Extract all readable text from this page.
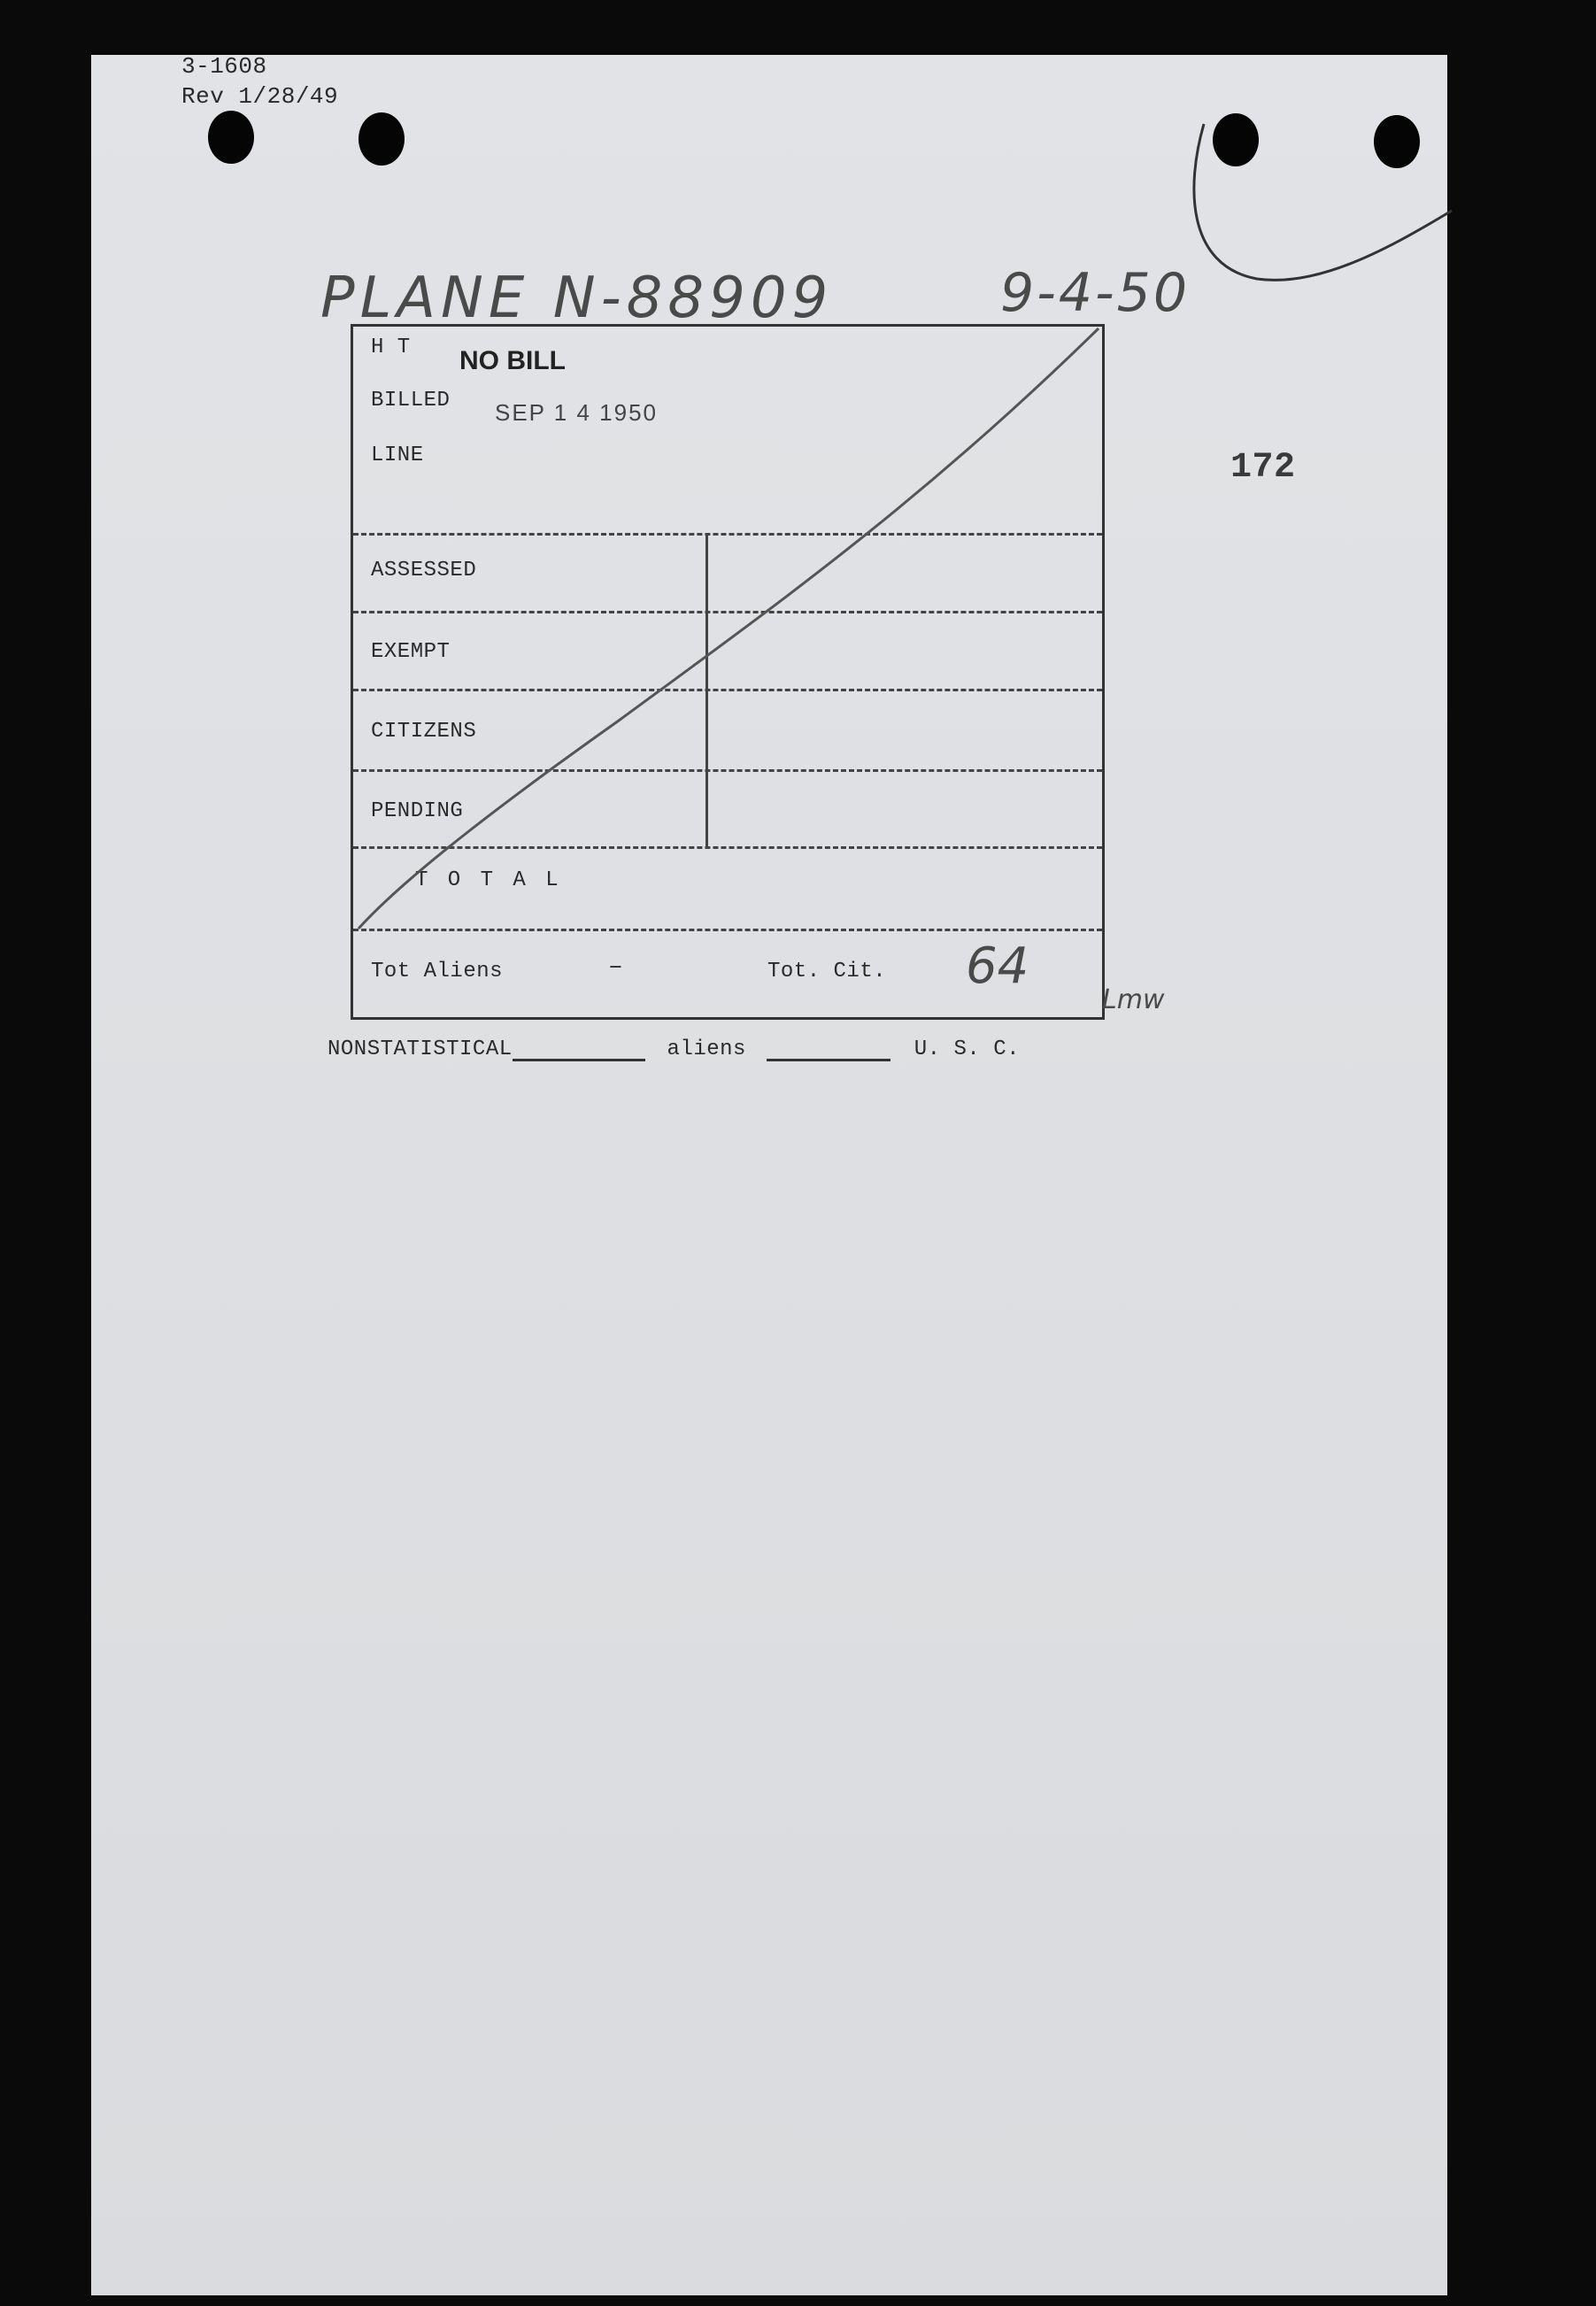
3-1608
Rev 1/28/49
PLANE N-88909	9-4-50
172
H T NO BILL
BILLED SEP 1 4 1950
LINE
ASSESSED
EXEMPT
CITIZENS
PENDING
T O T A L
Tot Aliens	–	Tot. Cit. 64
Lmw
NONSTATISTICAL	aliens	U. S. C.
